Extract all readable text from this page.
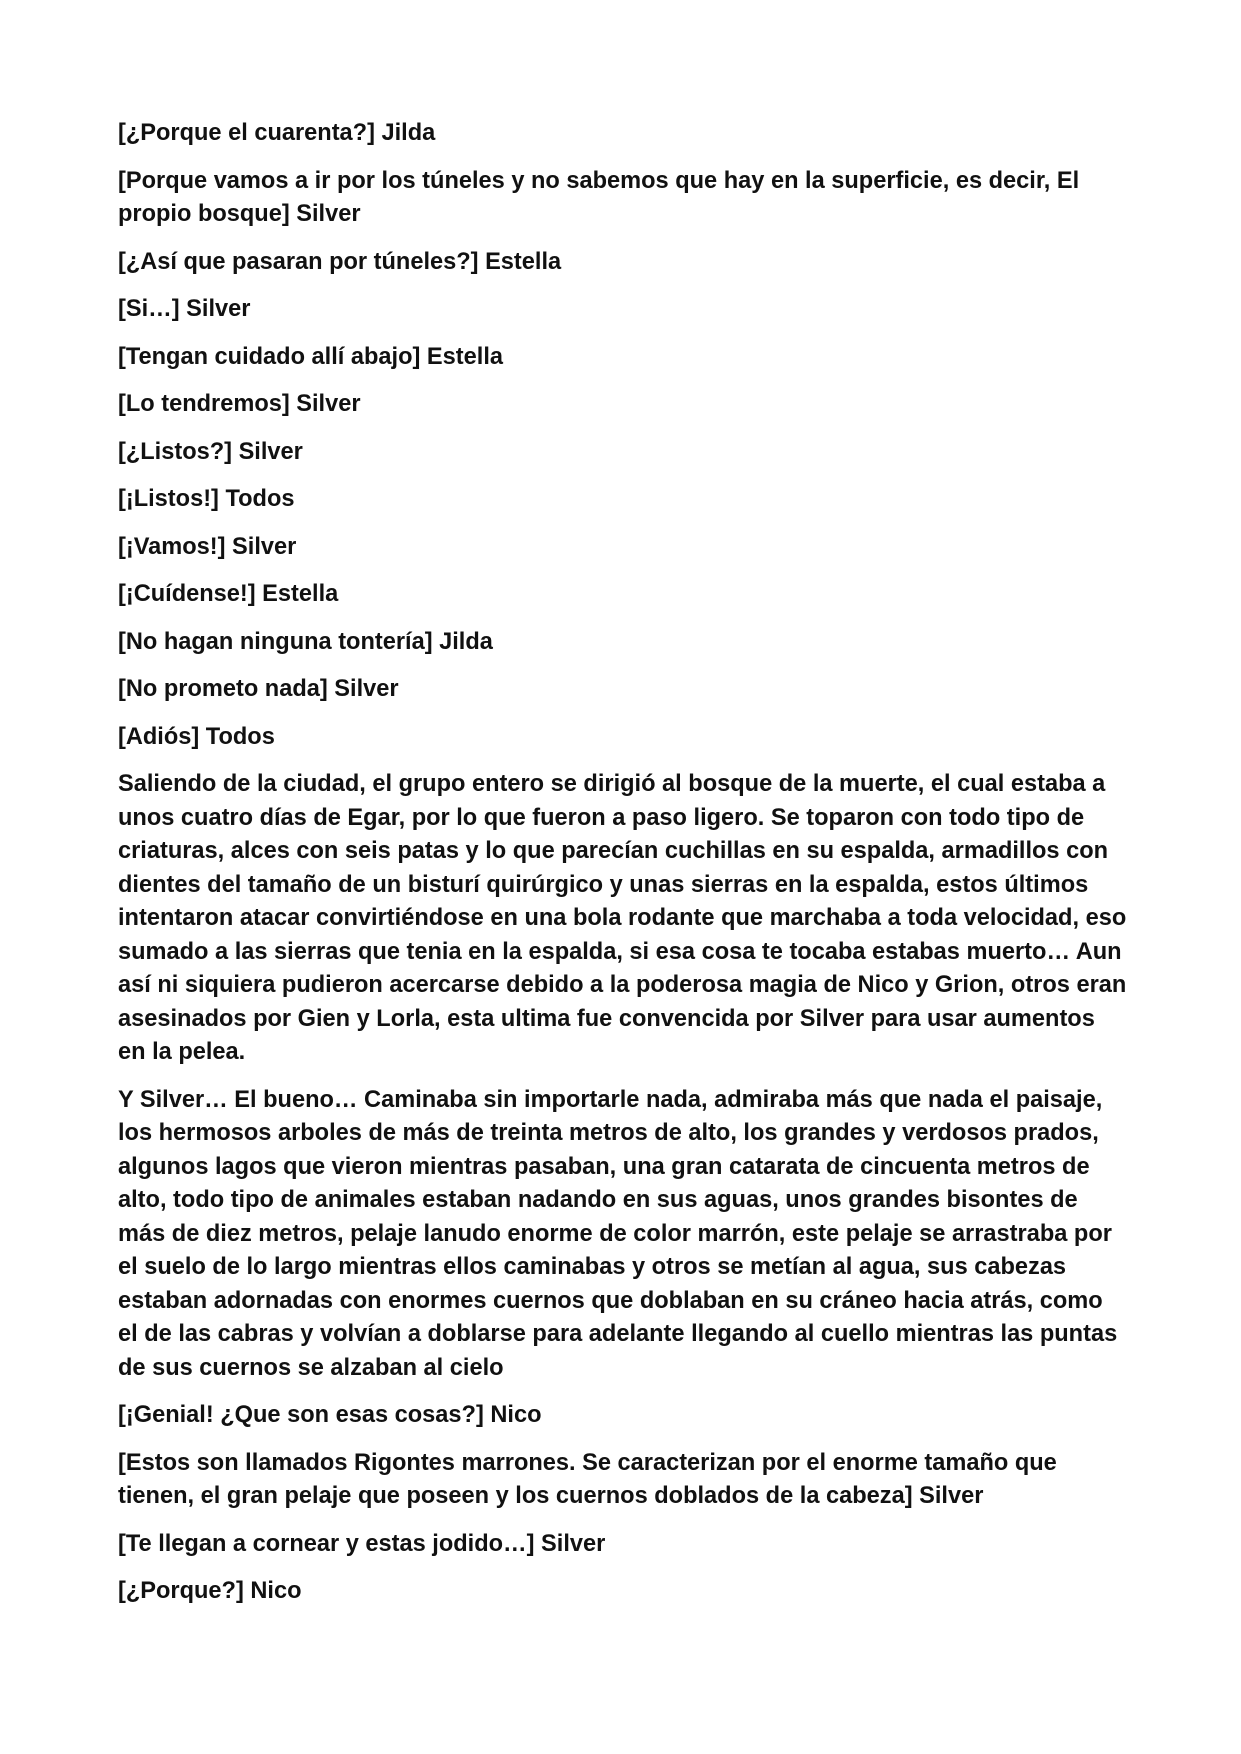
[¿Porque el cuarenta?] Jilda

[Porque vamos a ir por los túneles y no sabemos que hay en la superficie, es decir, El propio bosque] Silver

[¿Así que pasaran por túneles?] Estella

[Si…] Silver

[Tengan cuidado allí abajo] Estella

[Lo tendremos] Silver

[¿Listos?] Silver

[¡Listos!] Todos

[¡Vamos!] Silver

[¡Cuídense!] Estella

[No hagan ninguna tontería] Jilda

[No prometo nada] Silver

[Adiós] Todos

Saliendo de la ciudad, el grupo entero se dirigió al bosque de la muerte, el cual estaba a unos cuatro días de Egar, por lo que fueron a paso ligero. Se toparon con todo tipo de criaturas, alces con seis patas y lo que parecían cuchillas en su espalda, armadillos con dientes del tamaño de un bisturí quirúrgico y unas sierras en la espalda, estos últimos intentaron atacar convirtiéndose en una bola rodante que marchaba a toda velocidad, eso sumado a las sierras que tenia en la espalda, si esa cosa te tocaba estabas muerto… Aun así ni siquiera pudieron acercarse debido a la poderosa magia de Nico y Grion, otros eran asesinados por Gien y Lorla, esta ultima fue convencida por Silver para usar aumentos en la pelea.

Y Silver… El bueno… Caminaba sin importarle nada, admiraba más que nada el paisaje, los hermosos arboles de más de treinta metros de alto, los grandes y verdosos prados, algunos lagos que vieron mientras pasaban, una gran catarata de cincuenta metros de alto, todo tipo de animales estaban nadando en sus aguas, unos grandes bisontes de más de diez metros, pelaje lanudo enorme de color marrón, este pelaje se arrastraba por el suelo de lo largo mientras ellos caminabas y otros se metían al agua, sus cabezas estaban adornadas con enormes cuernos que doblaban en su cráneo hacia atrás, como el de las cabras y volvían a doblarse para adelante llegando al cuello mientras las puntas de sus cuernos se alzaban al cielo

[¡Genial! ¿Que son esas cosas?] Nico

[Estos son llamados Rigontes marrones. Se caracterizan por el enorme tamaño que tienen, el gran pelaje que poseen y los cuernos doblados de la cabeza] Silver

[Te llegan a cornear y estas jodido…] Silver

[¿Porque?] Nico
